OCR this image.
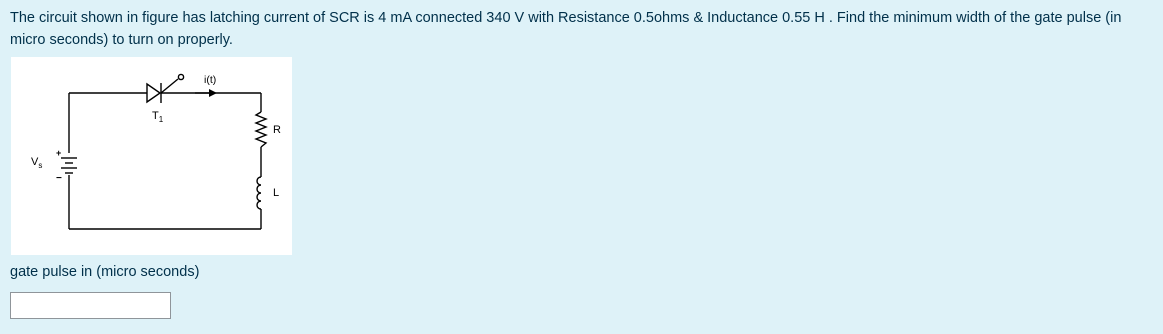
The circuit shown in figure has latching current of SCR is 4 mA connected 340 V with Resistance 0.5ohms & Inductance 0.55 H . Find the minimum width of the gate pulse (in micro seconds) to turn on properly.
i(t)
$T_1$
R
L
$V_s$
+
−
gate pulse in (micro seconds)
